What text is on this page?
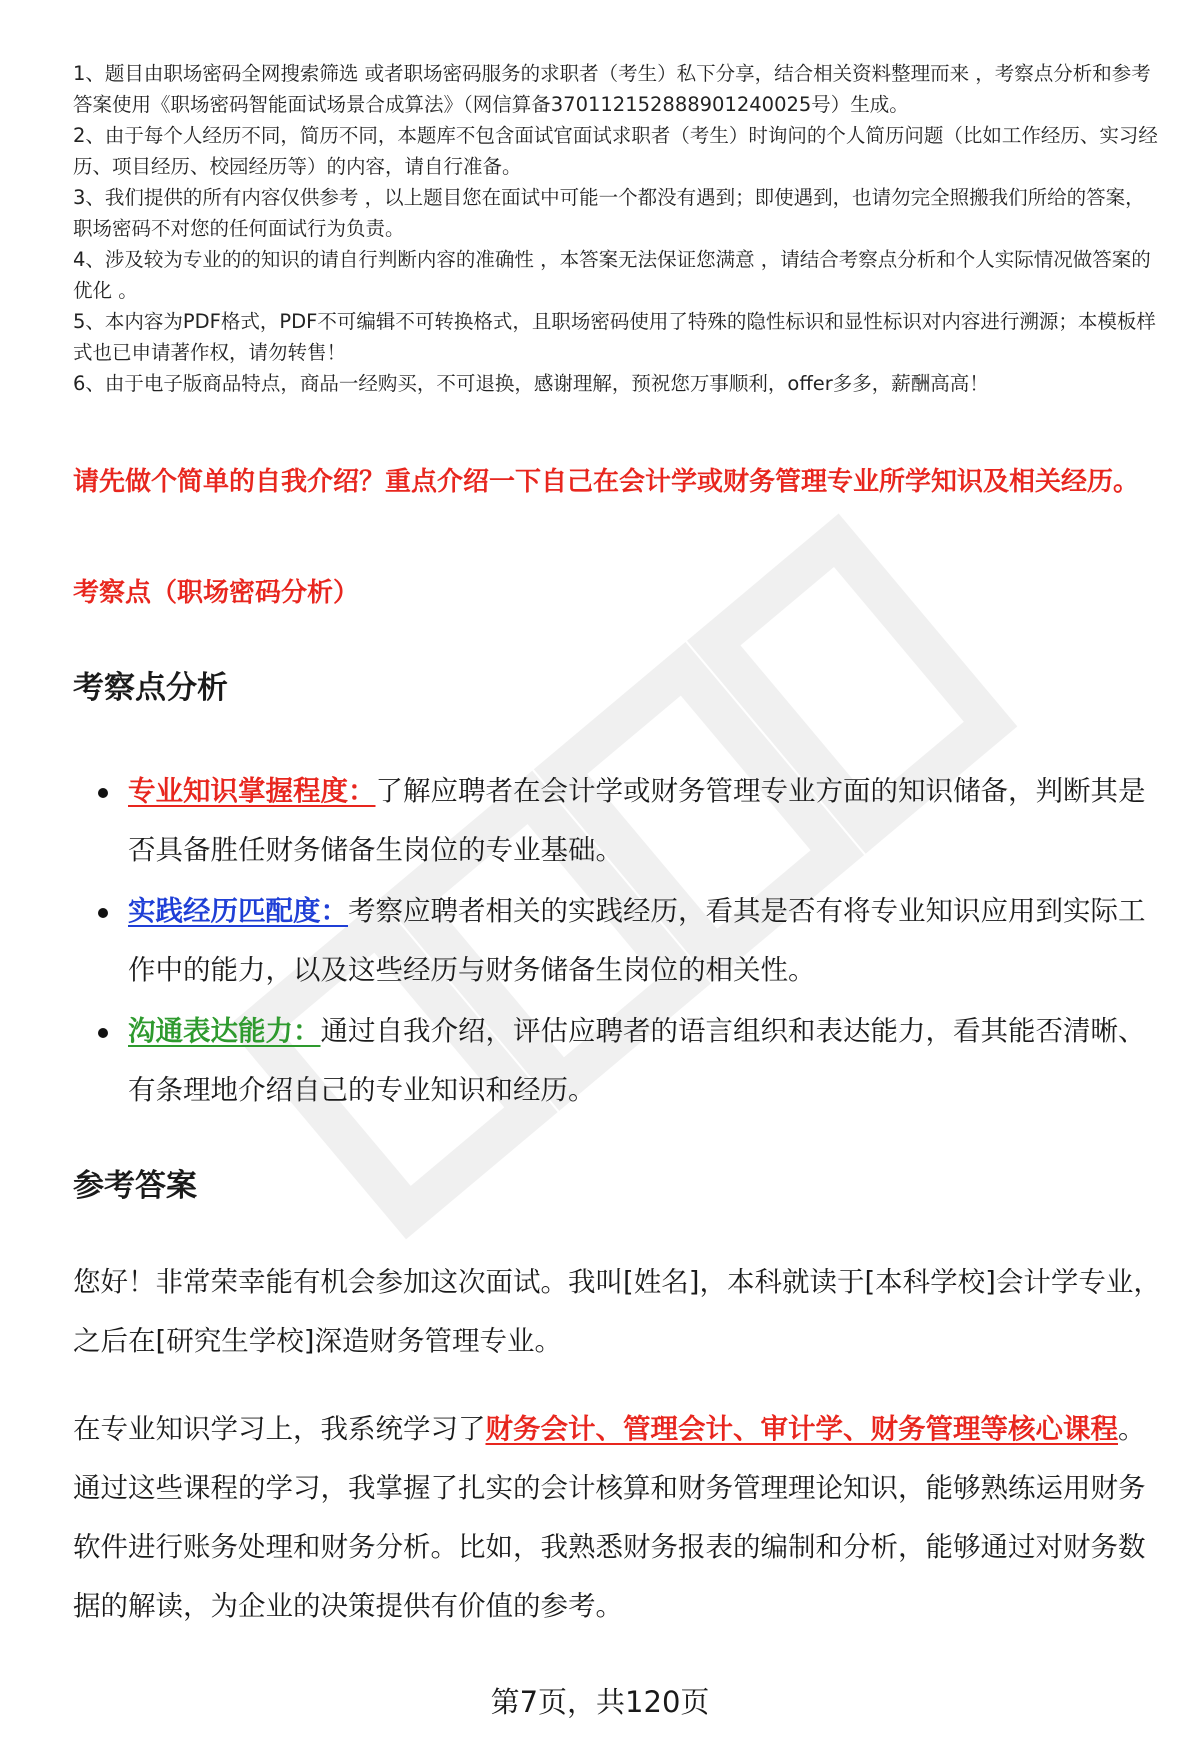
1、题目由职场密码全网搜索筛选 或者职场密码服务的求职者（考生）私下分享，结合相关资料整理而来 ，考察点分析和参考答案使用《职场密码智能面试场景合成算法》（网信算备370112152888901240025号）生成。

2、由于每个人经历不同，简历不同，本题库不包含面试官面试求职者（考生）时询问的个人简历问题（比如工作经历、实习经历、项目经历、校园经历等）的内容，请自行准备。

3、我们提供的所有内容仅供参考 ，以上题目您在面试中可能一个都没有遇到；即使遇到，也请勿完全照搬我们所给的答案，职场密码不对您的任何面试行为负责。

4、涉及较为专业的的知识的请自行判断内容的准确性 ，本答案无法保证您满意 ，请结合考察点分析和个人实际情况做答案的优化 。

5、本内容为PDF格式，PDF不可编辑不可转换格式，且职场密码使用了特殊的隐性标识和显性标识对内容进行溯源；本模板样式也已申请著作权，请勿转售！

6、由于电子版商品特点，商品一经购买，不可退换，感谢理解，预祝您万事顺利，offer多多，薪酬高高！

请先做个简单的自我介绍？重点介绍一下自己在会计学或财务管理专业所学知识及相关经历。
考察点（职场密码分析）
考察点分析
专业知识掌握程度：了解应聘者在会计学或财务管理专业方面的知识储备，判断其是否具备胜任财务储备生岗位的专业基础。
实践经历匹配度：考察应聘者相关的实践经历，看其是否有将专业知识应用到实际工作中的能力，以及这些经历与财务储备生岗位的相关性。
沟通表达能力：通过自我介绍，评估应聘者的语言组织和表达能力，看其能否清晰、有条理地介绍自己的专业知识和经历。
参考答案

您好！非常荣幸能有机会参加这次面试。我叫[姓名]，本科就读于[本科学校]会计学专业，之后在[研究生学校]深造财务管理专业。

在专业知识学习上，我系统学习了财务会计、管理会计、审计学、财务管理等核心课程。通过这些课程的学习，我掌握了扎实的会计核算和财务管理理论知识，能够熟练运用财务软件进行账务处理和财务分析。比如，我熟悉财务报表的编制和分析，能够通过对财务数据的解读，为企业的决策提供有价值的参考。

第7页，共120页
